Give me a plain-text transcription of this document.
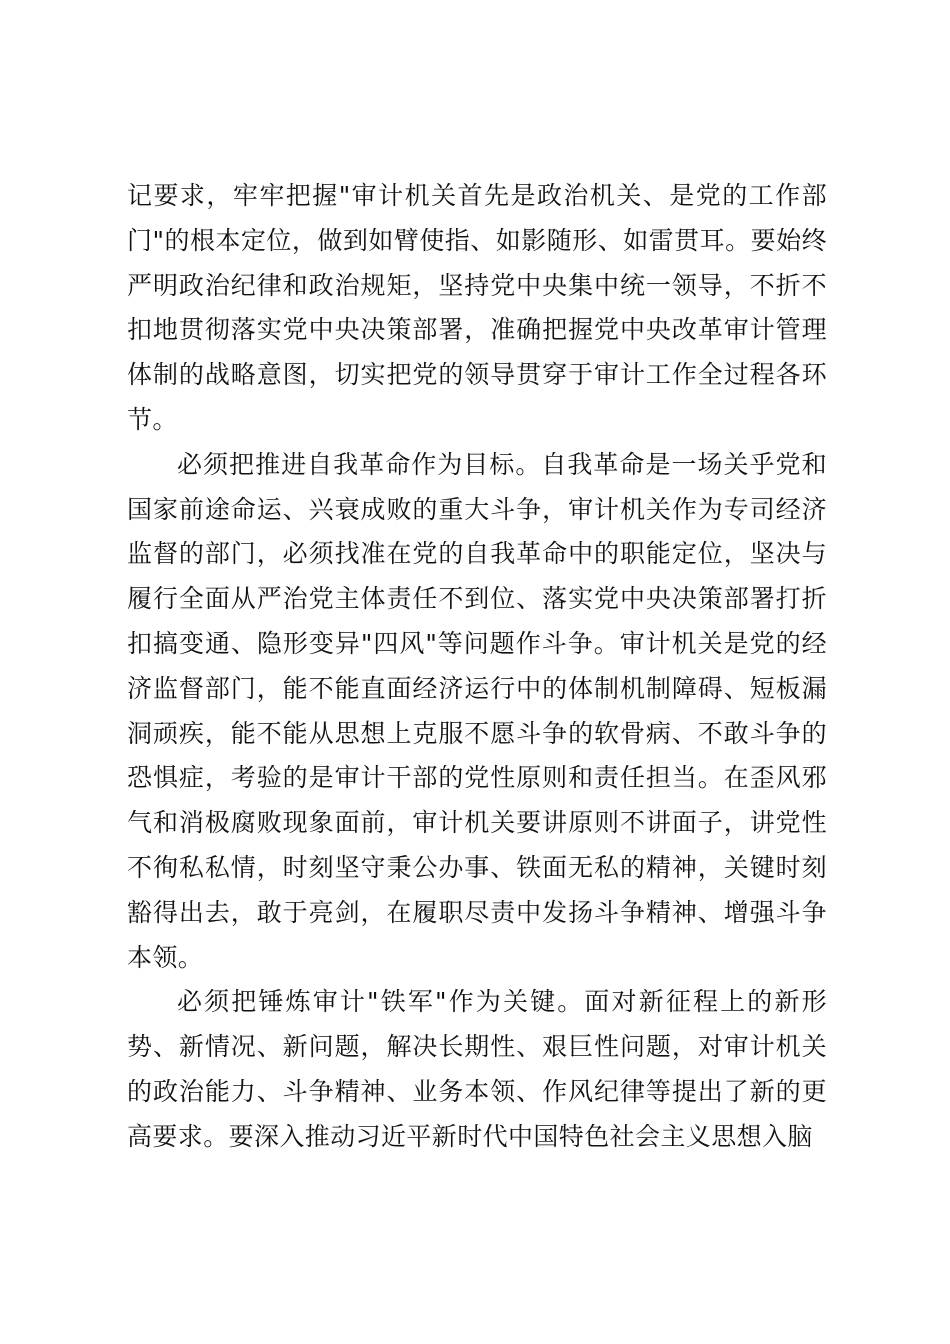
记要求，牢牢把握"审计机关首先是政治机关、是党的工作部门"的根本定位，做到如臂使指、如影随形、如雷贯耳。要始终严明政治纪律和政治规矩，坚持党中央集中统一领导，不折不扣地贯彻落实党中央决策部署，准确把握党中央改革审计管理体制的战略意图，切实把党的领导贯穿于审计工作全过程各环节。

必须把推进自我革命作为目标。自我革命是一场关乎党和国家前途命运、兴衰成败的重大斗争，审计机关作为专司经济监督的部门，必须找准在党的自我革命中的职能定位，坚决与履行全面从严治党主体责任不到位、落实党中央决策部署打折扣搞变通、隐形变异"四风"等问题作斗争。审计机关是党的经济监督部门，能不能直面经济运行中的体制机制障碍、短板漏洞顽疾，能不能从思想上克服不愿斗争的软骨病、不敢斗争的恐惧症，考验的是审计干部的党性原则和责任担当。在歪风邪气和消极腐败现象面前，审计机关要讲原则不讲面子，讲党性不徇私私情，时刻坚守秉公办事、铁面无私的精神，关键时刻豁得出去，敢于亮剑，在履职尽责中发扬斗争精神、增强斗争本领。

必须把锤炼审计"铁军"作为关键。面对新征程上的新形势、新情况、新问题，解决长期性、艰巨性问题，对审计机关的政治能力、斗争精神、业务本领、作风纪律等提出了新的更高要求。要深入推动习近平新时代中国特色社会主义思想入脑
